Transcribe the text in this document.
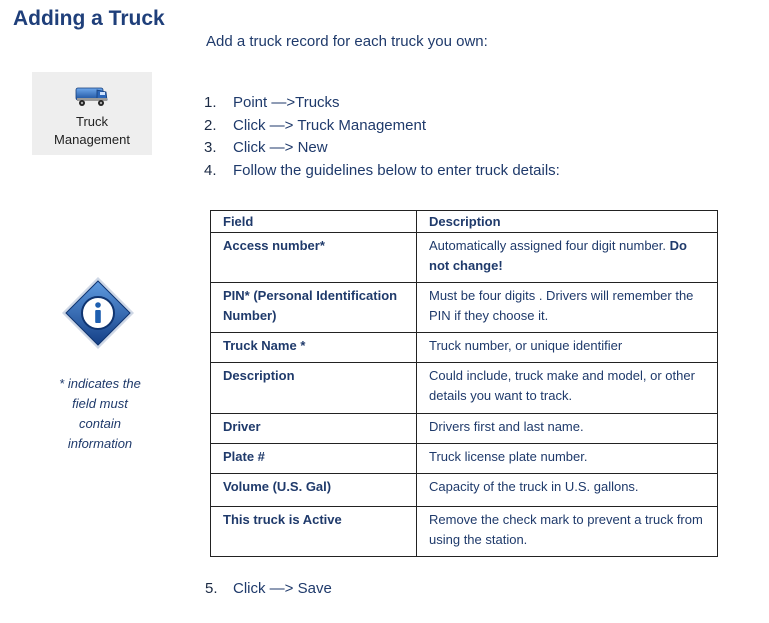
Adding a Truck
Add a truck record for each truck you own:
Truck
Management
1.	Point —>Trucks
2.	Click —> Truck Management
3.	Click —> New
4.	Follow the guidelines below to enter truck details:
* indicates the field must contain information
Field	Description
Access number*	Automatically assigned four digit number. Do not change!
PIN* (Personal Identification Number)	Must be four digits . Drivers will remember the PIN if they choose it.
Truck Name *	Truck number, or unique identifier
Description	Could include, truck make and model, or other details you want to track.
Driver	Drivers first and last name.
Plate #	Truck license plate number.
Volume (U.S. Gal)	Capacity of the truck in U.S. gallons.
This truck is Active	Remove the check mark to prevent a truck from using the station.
5.	Click —> Save
